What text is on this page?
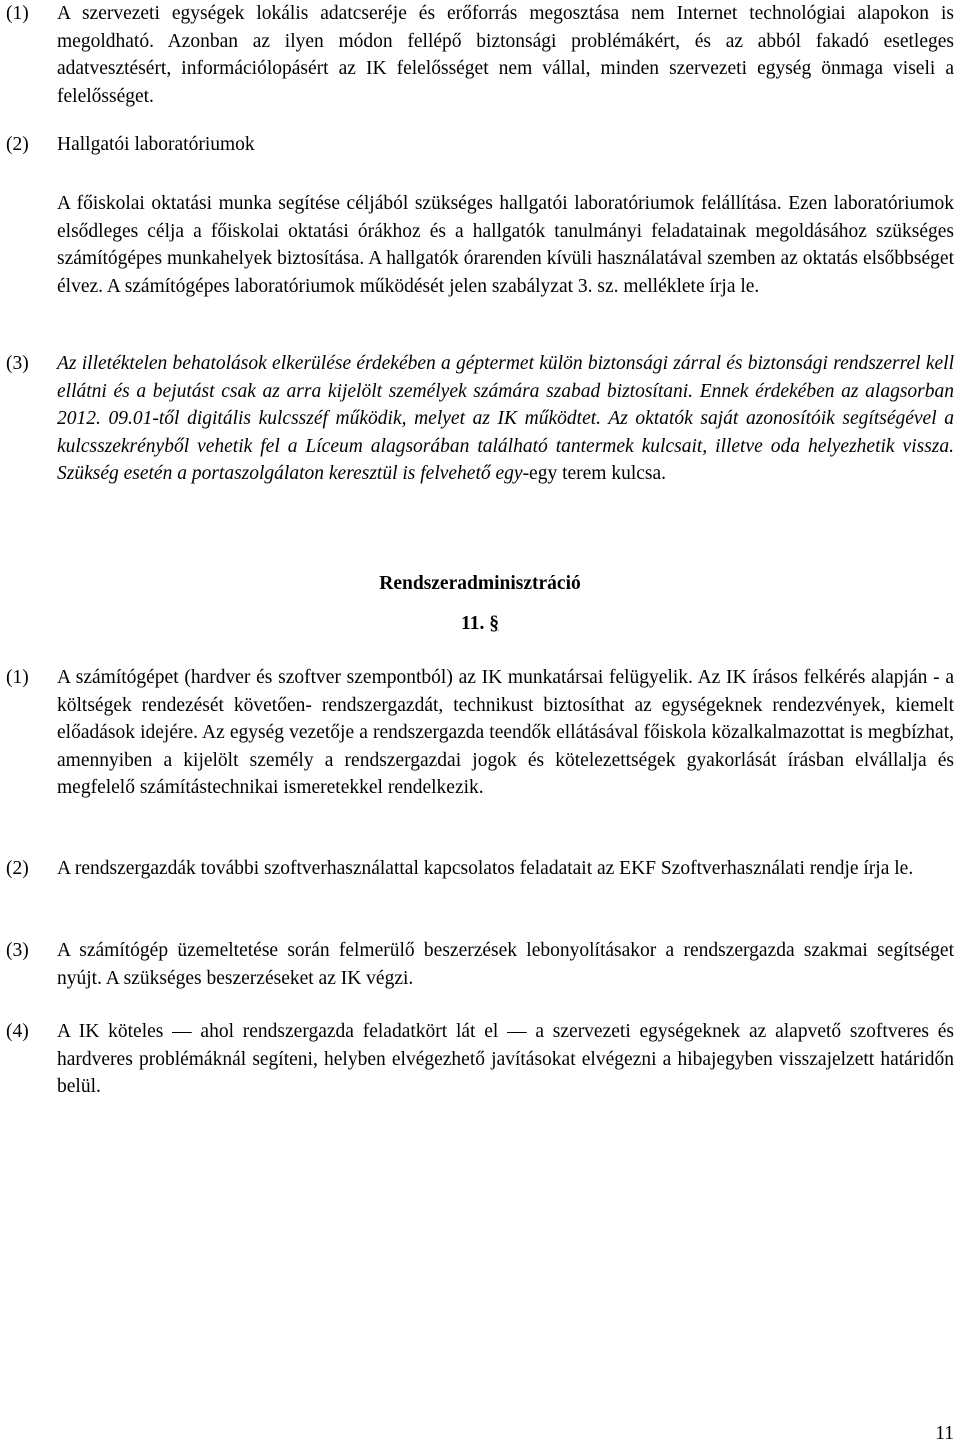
(1) A szervezeti egységek lokális adatcseréje és erőforrás megosztása nem Internet technológiai alapokon is megoldható. Azonban az ilyen módon fellépő biztonsági problémákért, és az abból fakadó esetleges adatvesztésért, információlopásért az IK felelősséget nem vállal, minden szervezeti egység önmaga viseli a felelősséget.
(2) Hallgatói laboratóriumok
A főiskolai oktatási munka segítése céljából szükséges hallgatói laboratóriumok felállítása. Ezen laboratóriumok elsődleges célja a főiskolai oktatási órákhoz és a hallgatók tanulmányi feladatainak megoldásához szükséges számítógépes munkahelyek biztosítása. A hallgatók órarenden kívüli használatával szemben az oktatás elsőbbséget élvez. A számítógépes laboratóriumok működését jelen szabályzat 3. sz. melléklete írja le.
(3) Az illetéktelen behatolások elkerülése érdekében a géptermet külön biztonsági zárral és biztonsági rendszerrel kell ellátni és a bejutást csak az arra kijelölt személyek számára szabad biztosítani. Ennek érdekében az alagsorban 2012. 09.01-től digitális kulcsszéf működik, melyet az IK működtet. Az oktatók saját azonosítóik segítségével a kulcsszekrényből vehetik fel a Líceum alagsorában található tantermek kulcsait, illetve oda helyezhetik vissza. Szükség esetén a portaszolgálaton keresztül is felvehető egy-egy terem kulcsa.
Rendszeradminisztráció
11. §
(1) A számítógépet (hardver és szoftver szempontból) az IK munkatársai felügyelik. Az IK írásos felkérés alapján - a költségek rendezését követően- rendszergazdát, technikust biztosíthat az egységeknek rendezvények, kiemelt előadások idejére. Az egység vezetője a rendszergazda teendők ellátásával főiskola közalkalmazottat is megbízhat, amennyiben a kijelölt személy a rendszergazdai jogok és kötelezettségek gyakorlását írásban elvállalja és megfelelő számítástechnikai ismeretekkel rendelkezik.
(2) A rendszergazdák további szoftverhasználattal kapcsolatos feladatait az EKF Szoftverhasználati rendje írja le.
(3) A számítógép üzemeltetése során felmerülő beszerzések lebonyolításakor a rendszergazda szakmai segítséget nyújt. A szükséges beszerzéseket az IK végzi.
(4) A IK köteles — ahol rendszergazda feladatkört lát el — a szervezeti egységeknek az alapvető szoftveres és hardveres problémáknál segíteni, helyben elvégezhető javításokat elvégezni a hibajegyben visszajelzett határidőn belül.
11
